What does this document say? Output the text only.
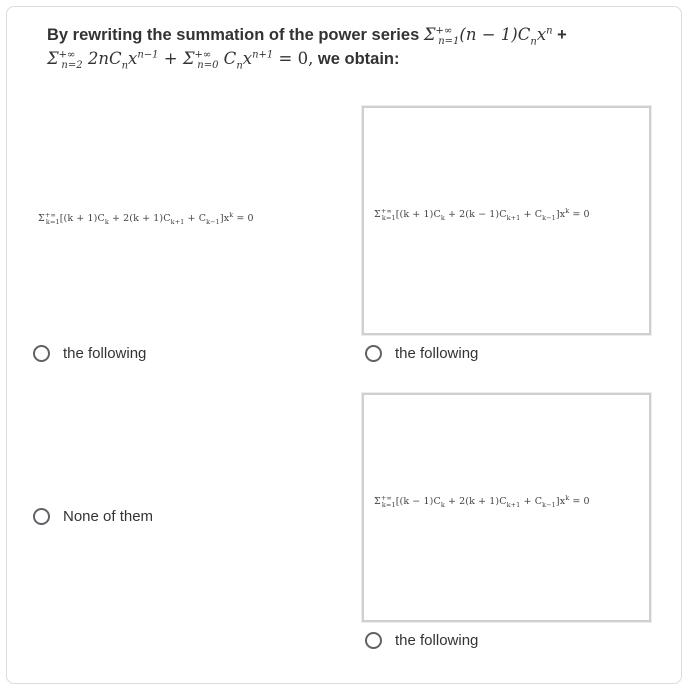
By rewriting the summation of the power series $\Sigma^{+\infty}_{n=1}(n - 1)C_nx^n$ +
$\Sigma^{+\infty}_{n=2}$ $2nC_nx^{n-1} + \Sigma^{+\infty}_{n=0}$ $C_nx^{n+1} = 0$, we obtain:
$\Sigma^{+\infty}_{k=1}[(k + 1)C_k + 2(k + 1)C_{k+1} + C_{k-1}]x^k = 0$
the following
$\Sigma^{+\infty}_{k=1}[(k + 1)C_k + 2(k - 1)C_{k+1} + C_{k-1}]x^k = 0$
the following
None of them
$\Sigma^{+\infty}_{k=1}[(k - 1)C_k + 2(k + 1)C_{k+1} + C_{k-1}]x^k = 0$
the following
